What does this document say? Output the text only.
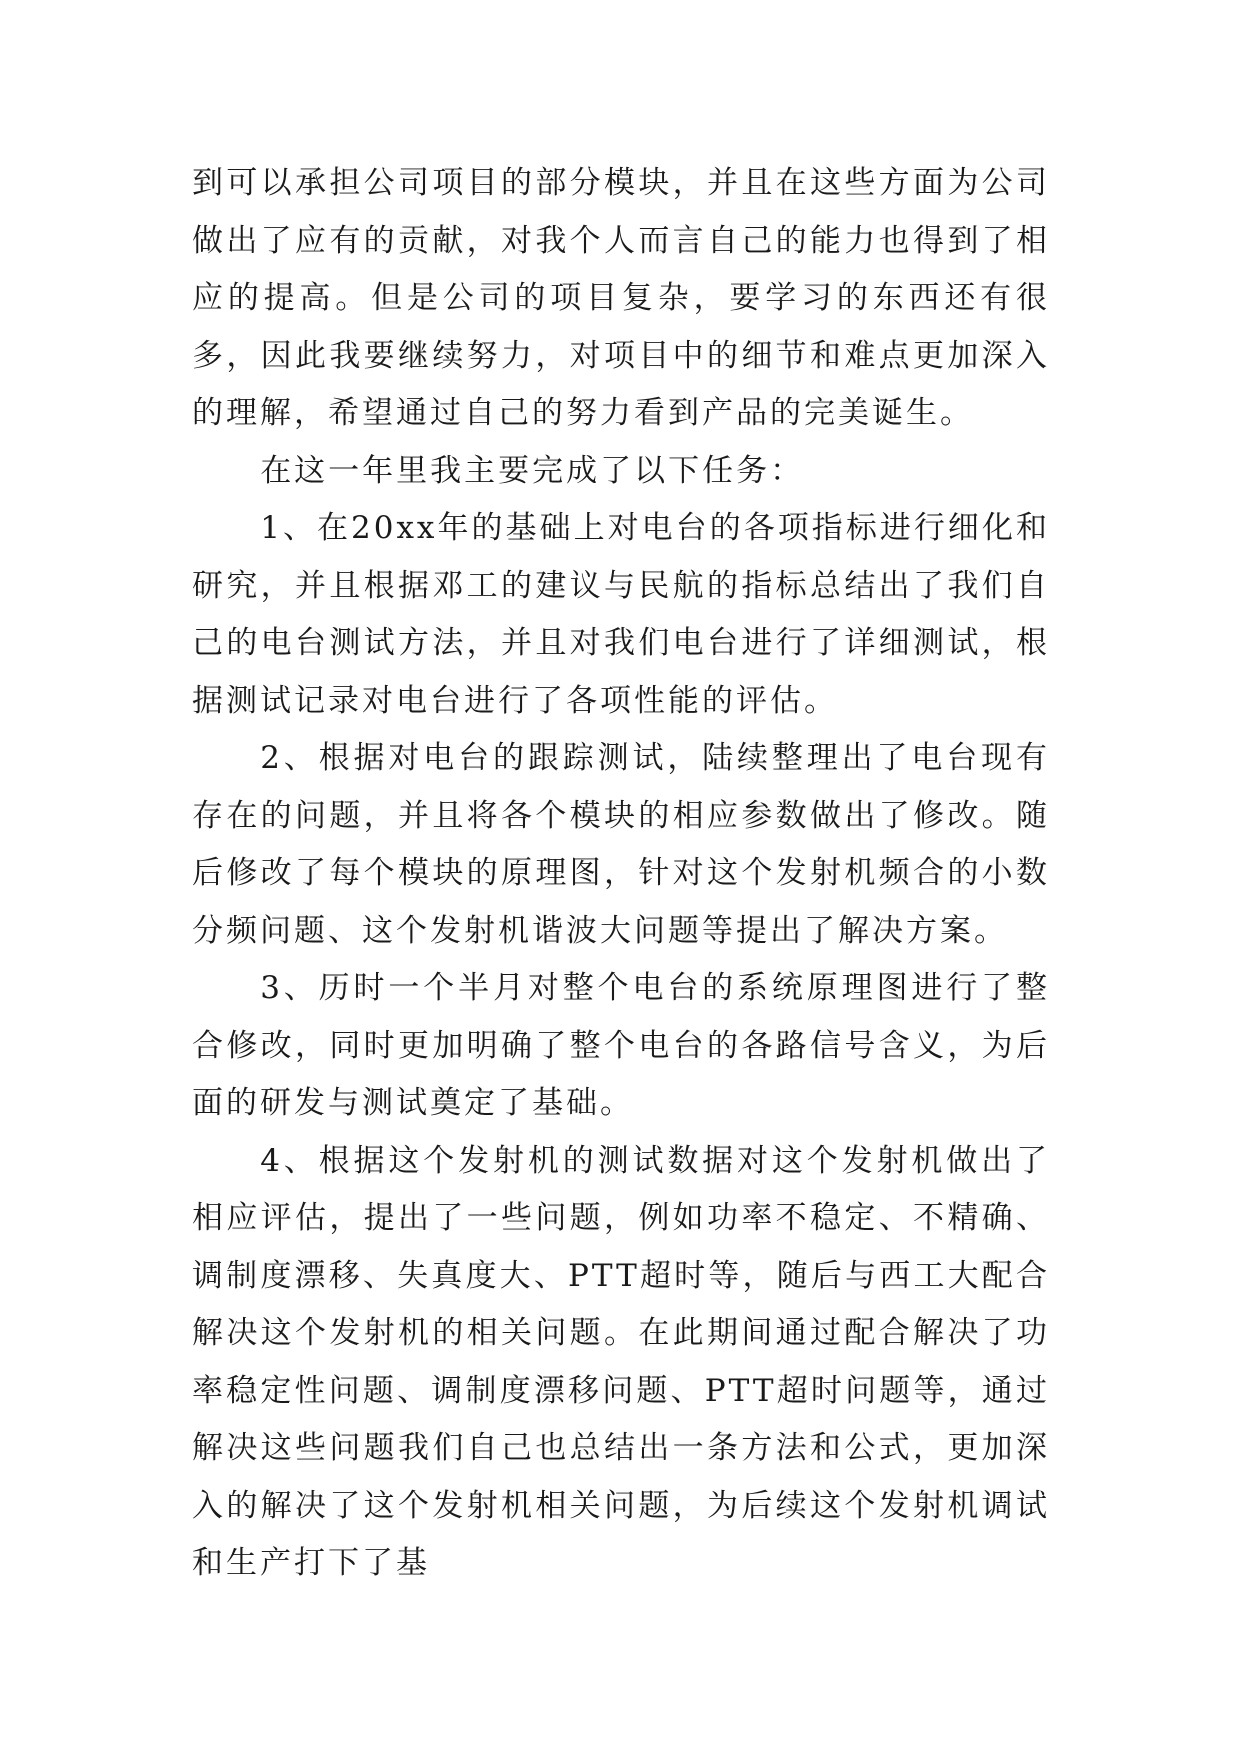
到可以承担公司项目的部分模块，并且在这些方面为公司做出了应有的贡献，对我个人而言自己的能力也得到了相应的提高。但是公司的项目复杂，要学习的东西还有很多，因此我要继续努力，对项目中的细节和难点更加深入的理解，希望通过自己的努力看到产品的完美诞生。

在这一年里我主要完成了以下任务：

1、在20xx年的基础上对电台的各项指标进行细化和研究，并且根据邓工的建议与民航的指标总结出了我们自己的电台测试方法，并且对我们电台进行了详细测试，根据测试记录对电台进行了各项性能的评估。

2、根据对电台的跟踪测试，陆续整理出了电台现有存在的问题，并且将各个模块的相应参数做出了修改。随后修改了每个模块的原理图，针对这个发射机频合的小数分频问题、这个发射机谐波大问题等提出了解决方案。

3、历时一个半月对整个电台的系统原理图进行了整合修改，同时更加明确了整个电台的各路信号含义，为后面的研发与测试奠定了基础。

4、根据这个发射机的测试数据对这个发射机做出了相应评估，提出了一些问题，例如功率不稳定、不精确、调制度漂移、失真度大、PTT超时等，随后与西工大配合解决这个发射机的相关问题。在此期间通过配合解决了功率稳定性问题、调制度漂移问题、PTT超时问题等，通过解决这些问题我们自己也总结出一条方法和公式，更加深入的解决了这个发射机相关问题，为后续这个发射机调试和生产打下了基
